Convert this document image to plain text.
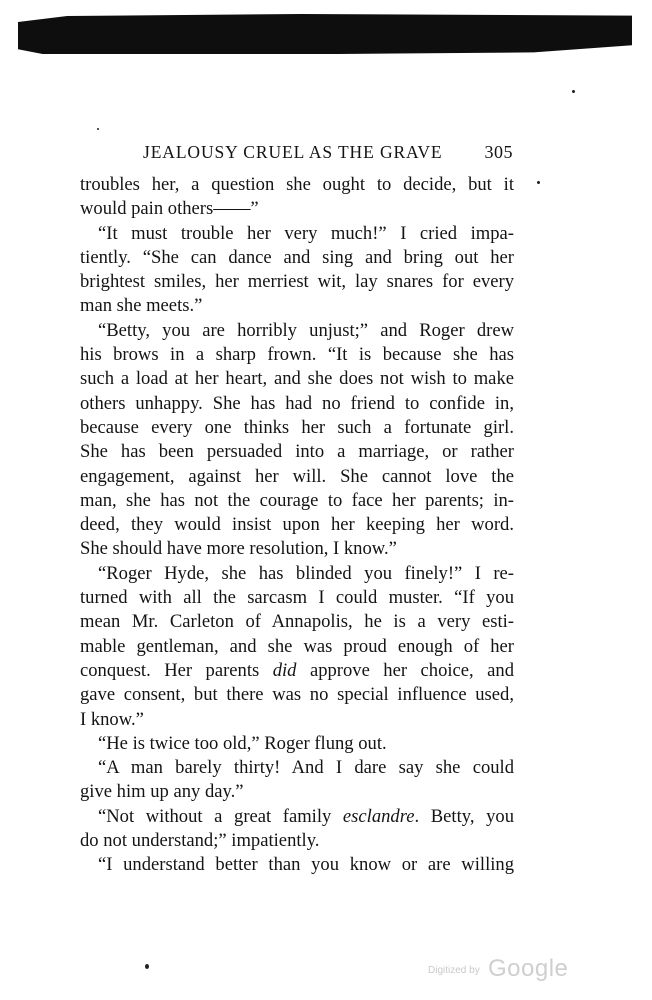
JEALOUSY CRUEL AS THE GRAVE 305
troubles her, a question she ought to decide, but it
would pain others——”
“It must trouble her very much!” I cried impa-
tiently. “She can dance and sing and bring out her
brightest smiles, her merriest wit, lay snares for every
man she meets.”
“Betty, you are horribly unjust;” and Roger drew
his brows in a sharp frown. “It is because she has
such a load at her heart, and she does not wish to make
others unhappy. She has had no friend to confide in,
because every one thinks her such a fortunate girl.
She has been persuaded into a marriage, or rather
engagement, against her will. She cannot love the
man, she has not the courage to face her parents; in-
deed, they would insist upon her keeping her word.
She should have more resolution, I know.”
“Roger Hyde, she has blinded you finely!” I re-
turned with all the sarcasm I could muster. “If you
mean Mr. Carleton of Annapolis, he is a very esti-
mable gentleman, and she was proud enough of her
conquest. Her parents did approve her choice, and
gave consent, but there was no special influence used,
I know.”
“He is twice too old,” Roger flung out.
“A man barely thirty! And I dare say she could
give him up any day.”
“Not without a great family esclandre. Betty, you
do not understand;” impatiently.
“I understand better than you know or are willing
Digitized by Google
